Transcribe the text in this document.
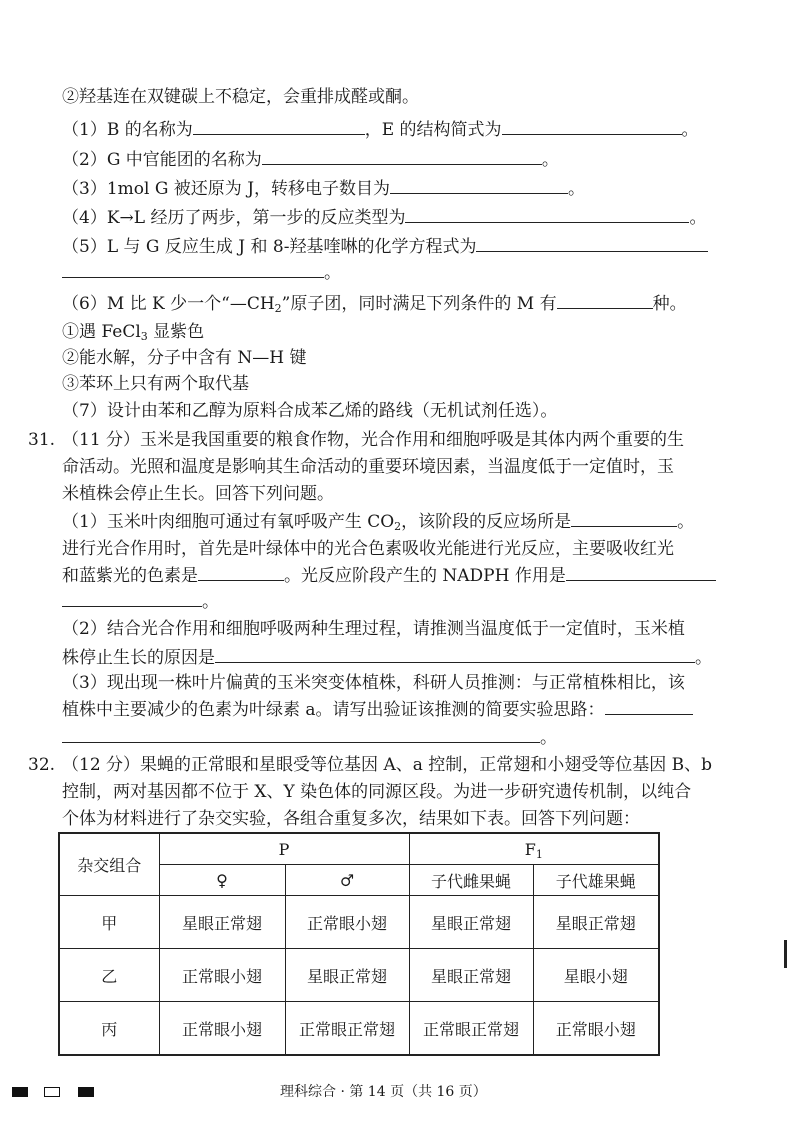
②羟基连在双键碳上不稳定，会重排成醛或酮。
（1）B 的名称为	，E 的结构简式为	。
（2）G 中官能团的名称为	。
（3）1mol G 被还原为 J，转移电子数目为	。
（4）K→L 经历了两步，第一步的反应类型为	。
（5）L 与 G 反应生成 J 和 8-羟基喹啉的化学方程式为
。
（6）M 比 K 少一个“$—CH_2$”原子团，同时满足下列条件的 M 有	种。
①遇 FeCl$_3$ 显紫色
②能水解，分子中含有 N—H 键
③苯环上只有两个取代基
（7）设计由苯和乙醇为原料合成苯乙烯的路线（无机试剂任选）。
31. （11 分）玉米是我国重要的粮食作物，光合作用和细胞呼吸是其体内两个重要的生
命活动。光照和温度是影响其生命活动的重要环境因素，当温度低于一定值时，玉
米植株会停止生长。回答下列问题。
（1）玉米叶肉细胞可通过有氧呼吸产生 $CO_2$，该阶段的反应场所是	。
进行光合作用时，首先是叶绿体中的光合色素吸收光能进行光反应，主要吸收红光
和蓝紫光的色素是	。光反应阶段产生的 NADPH 作用是
。
（2）结合光合作用和细胞呼吸两种生理过程，请推测当温度低于一定值时，玉米植
株停止生长的原因是	。
（3）现出现一株叶片偏黄的玉米突变体植株，科研人员推测：与正常植株相比，该
植株中主要减少的色素为叶绿素 a。请写出验证该推测的简要实验思路：
。
32. （12 分）果蝇的正常眼和星眼受等位基因 A、a 控制，正常翅和小翅受等位基因 B、b
控制，两对基因都不位于 X、Y 染色体的同源区段。为进一步研究遗传机制，以纯合
个体为材料进行了杂交实验，各组合重复多次，结果如下表。回答下列问题：
杂交组合	P		$F_1$
	♀	♂	子代雌果蝇	子代雄果蝇
甲	星眼正常翅	正常眼小翅	星眼正常翅	星眼正常翅
乙	正常眼小翅	星眼正常翅	星眼正常翅	星眼小翅
丙	正常眼小翅	正常眼正常翅	正常眼正常翅	正常眼小翅
理科综合 · 第 14 页（共 16 页）
